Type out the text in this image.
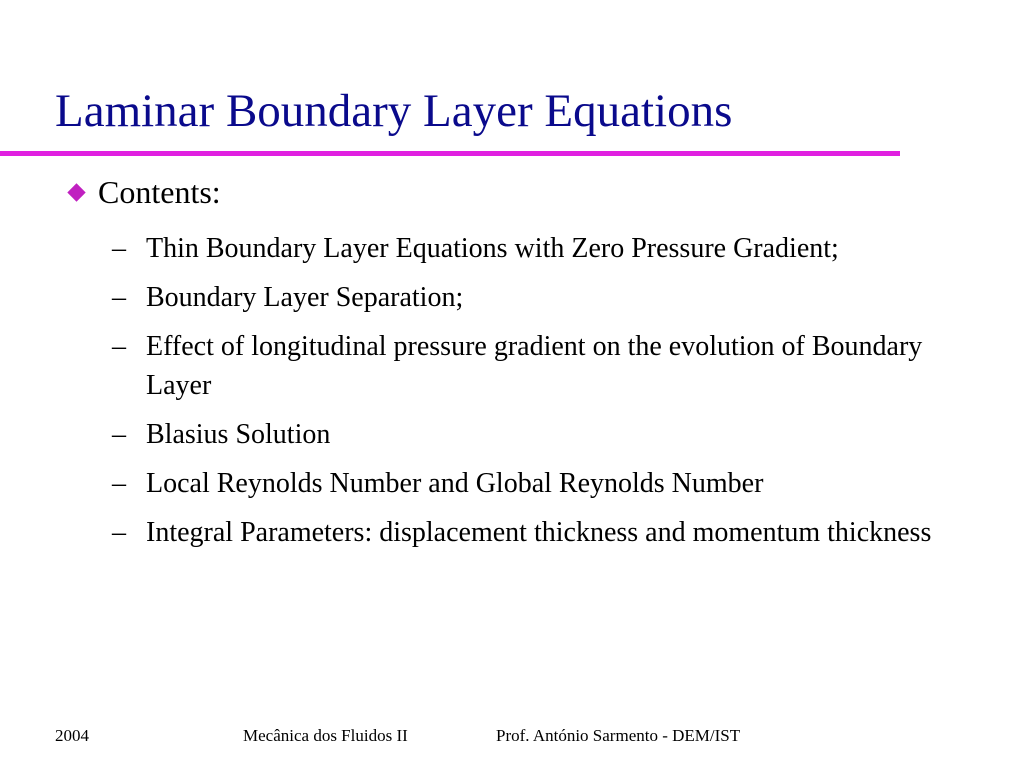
Laminar Boundary Layer Equations
Contents:
– Thin Boundary Layer Equations with Zero Pressure Gradient;
– Boundary Layer Separation;
– Effect of longitudinal pressure gradient on the evolution of Boundary Layer
– Blasius Solution
– Local Reynolds Number and Global Reynolds Number
– Integral Parameters: displacement thickness and momentum thickness
2004	Mecânica dos Fluidos II	Prof. António Sarmento - DEM/IST
